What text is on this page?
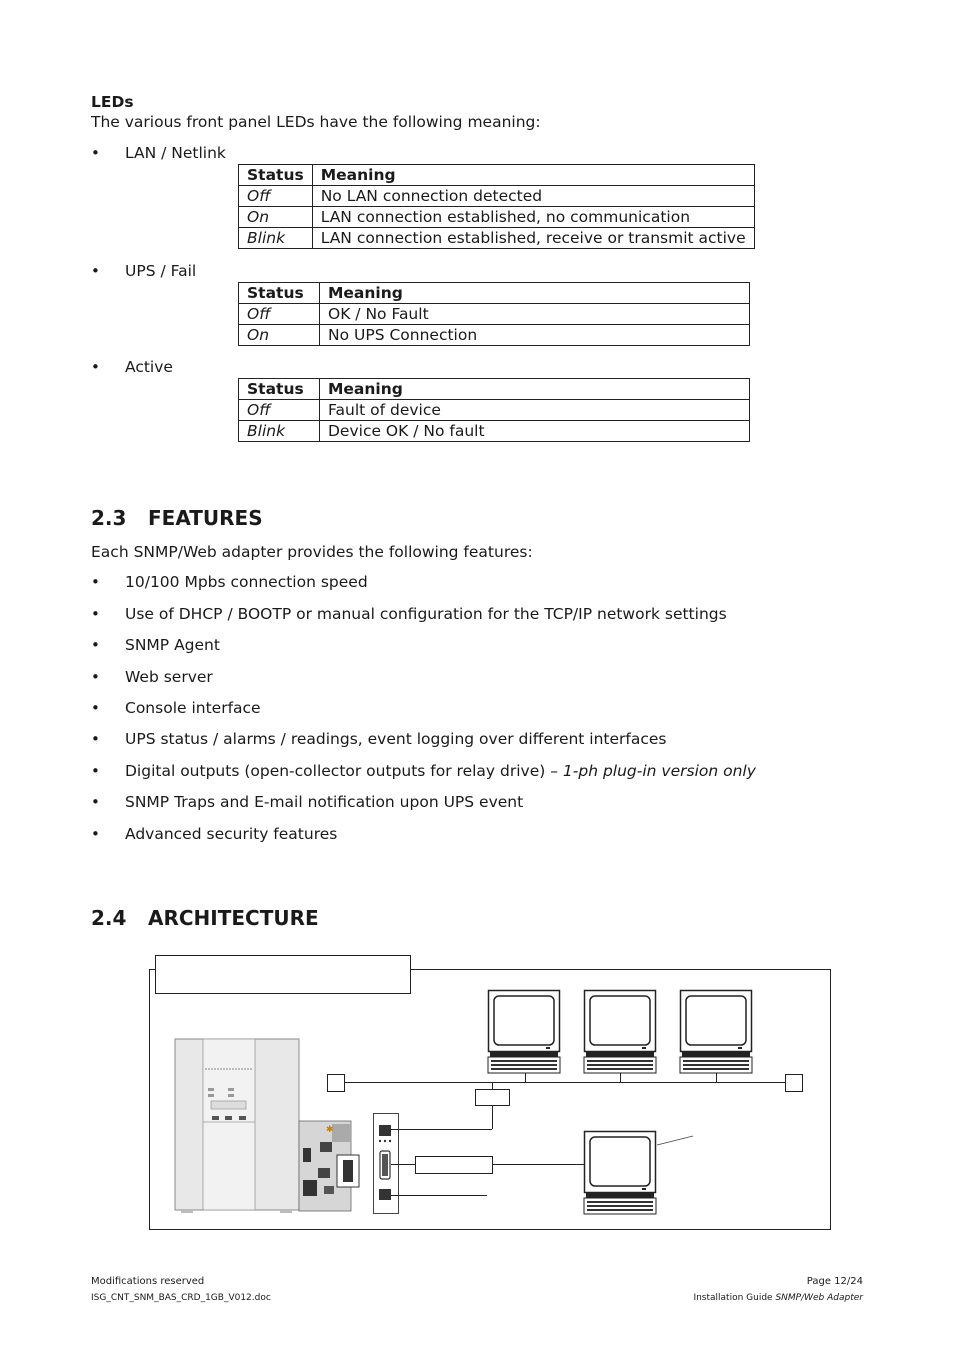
LEDs
The various front panel LEDs have the following meaning:
• LAN / Netlink
Status	Meaning
Off	No LAN connection detected
On	LAN connection established, no communication
Blink	LAN connection established, receive or transmit active
• UPS / Fail
Status	Meaning
Off	OK / No Fault
On	No UPS Connection
• Active
Status	Meaning
Off	Fault of device
Blink	Device OK / No fault
2.3 FEATURES
Each SNMP/Web adapter provides the following features:
• 10/100 Mpbs connection speed
• Use of DHCP / BOOTP or manual configuration for the TCP/IP network settings
• SNMP Agent
• Web server
• Console interface
• UPS status / alarms / readings, event logging over different interfaces
• Digital outputs (open-collector outputs for relay drive) – 1-ph plug-in version only
• SNMP Traps and E-mail notification upon UPS event
• Advanced security features
2.4 ARCHITECTURE
✱
Modifications reserved
ISG_CNT_SNM_BAS_CRD_1GB_V012.doc
Page 12/24
Installation Guide SNMP/Web Adapter
